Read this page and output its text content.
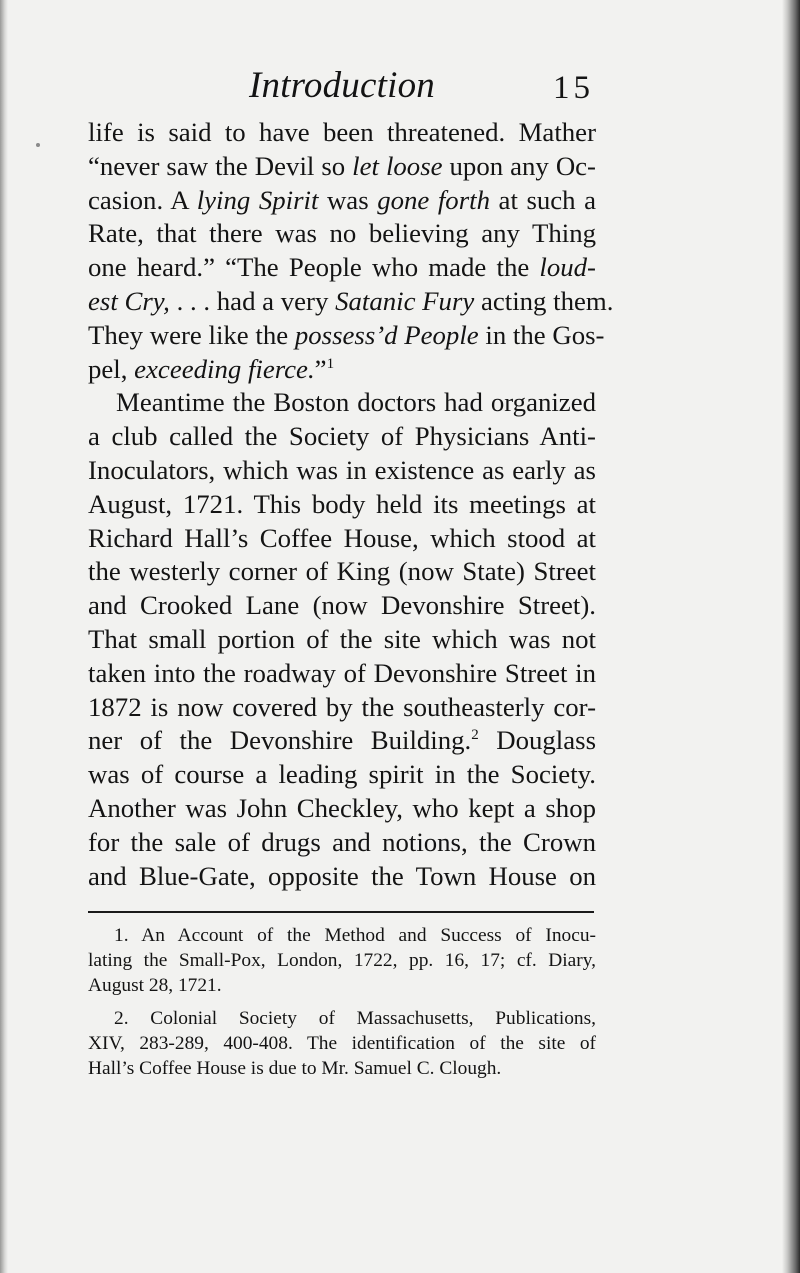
Introduction	15
life is said to have been threatened. Mather
“never saw the Devil so let loose upon any Oc-
casion. A lying Spirit was gone forth at such a
Rate, that there was no believing any Thing
one heard.” “The People who made the loud-
est Cry, . . . had a very Satanic Fury acting them.
They were like the possess’d People in the Gos-
pel, exceeding fierce.”$^1$
Meantime the Boston doctors had organized
a club called the Society of Physicians Anti-
Inoculators, which was in existence as early as
August, 1721. This body held its meetings at
Richard Hall’s Coffee House, which stood at
the westerly corner of King (now State) Street
and Crooked Lane (now Devonshire Street).
That small portion of the site which was not
taken into the roadway of Devonshire Street in
1872 is now covered by the southeasterly cor-
ner of the Devonshire Building.$^2$ Douglass
was of course a leading spirit in the Society.
Another was John Checkley, who kept a shop
for the sale of drugs and notions, the Crown
and Blue-Gate, opposite the Town House on
1. An Account of the Method and Success of Inocu-
lating the Small-Pox, London, 1722, pp. 16, 17; cf. Diary,
August 28, 1721.
2. Colonial Society of Massachusetts, Publications,
XIV, 283-289, 400-408. The identification of the site of
Hall’s Coffee House is due to Mr. Samuel C. Clough.
